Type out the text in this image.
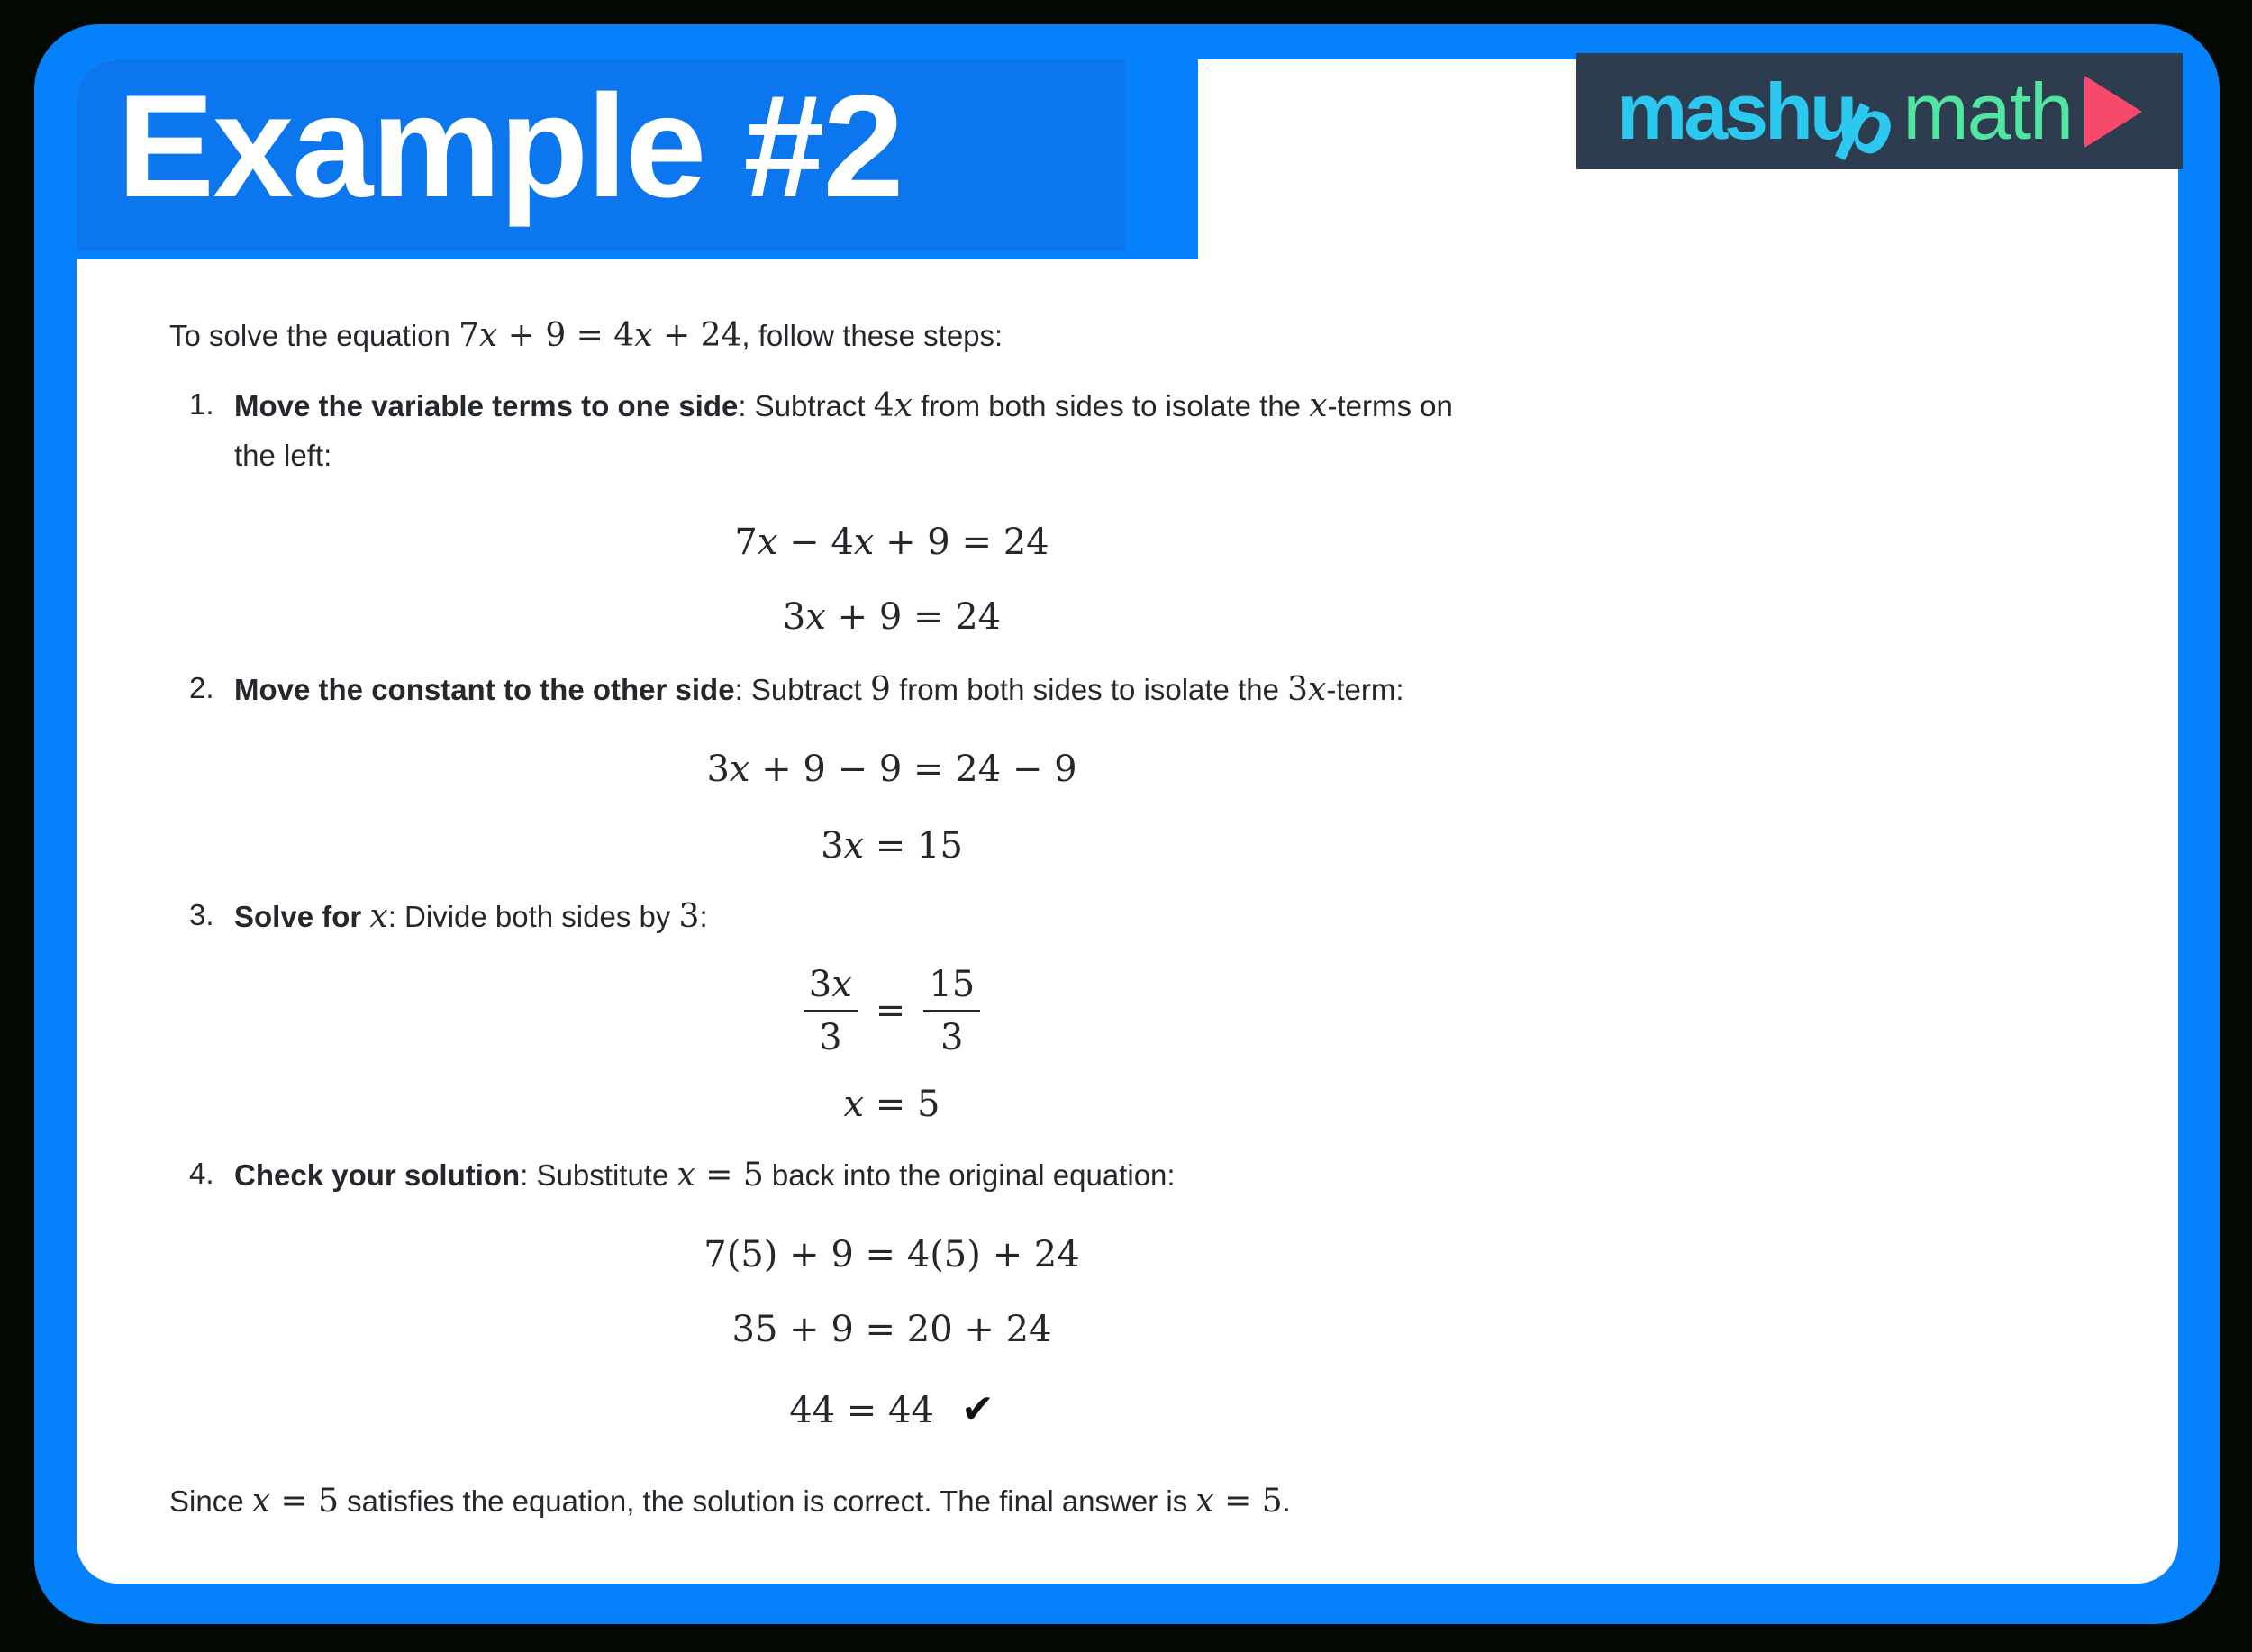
Example #2	mashu
p
math
To solve the equation 7x + 9 = 4x + 24, follow these steps:
1. Move the variable terms to one side: Subtract 4x from both sides to isolate the x-terms on
the left:
7x − 4x + 9 = 24
3x + 9 = 24
2. Move the constant to the other side: Subtract 9 from both sides to isolate the 3x-term:
3x + 9 − 9 = 24 − 9
3x = 15
3. Solve for x: Divide both sides by 3:
$\frac{3x}{3} = \frac{15}{3}$
x = 5
4. Check your solution: Substitute x = 5 back into the original equation:
7(5) + 9 = 4(5) + 24
35 + 9 = 20 + 24
44 = 44 ✔
Since x = 5 satisfies the equation, the solution is correct. The final answer is x = 5.
